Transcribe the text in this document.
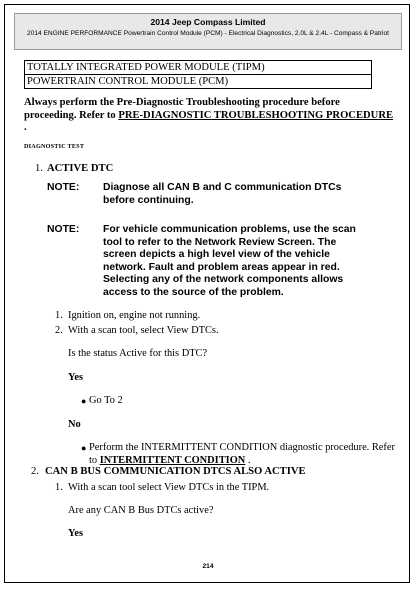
2014 Jeep Compass Limited
2014 ENGINE PERFORMANCE Powertrain Control Module (PCM) - Electrical Diagnostics, 2.0L & 2.4L - Compass & Patriot
TOTALLY INTEGRATED POWER MODULE (TIPM)
POWERTRAIN CONTROL MODULE (PCM)
Always perform the Pre-Diagnostic Troubleshooting procedure before proceeding. Refer to PRE-DIAGNOSTIC TROUBLESHOOTING PROCEDURE .
DIAGNOSTIC TEST
1. ACTIVE DTC
NOTE: Diagnose all CAN B and C communication DTCs before continuing.
NOTE: For vehicle communication problems, use the scan tool to refer to the Network Review Screen. The screen depicts a high level view of the vehicle network. Fault and problem areas appear in red. Selecting any of the network components allows access to the source of the problem.
1. Ignition on, engine not running.
2. With a scan tool, select View DTCs.
Is the status Active for this DTC?
Yes
● Go To 2
No
● Perform the INTERMITTENT CONDITION diagnostic procedure. Refer to INTERMITTENT CONDITION .
2. CAN B BUS COMMUNICATION DTCS ALSO ACTIVE
1. With a scan tool select View DTCs in the TIPM.
Are any CAN B Bus DTCs active?
Yes
214
